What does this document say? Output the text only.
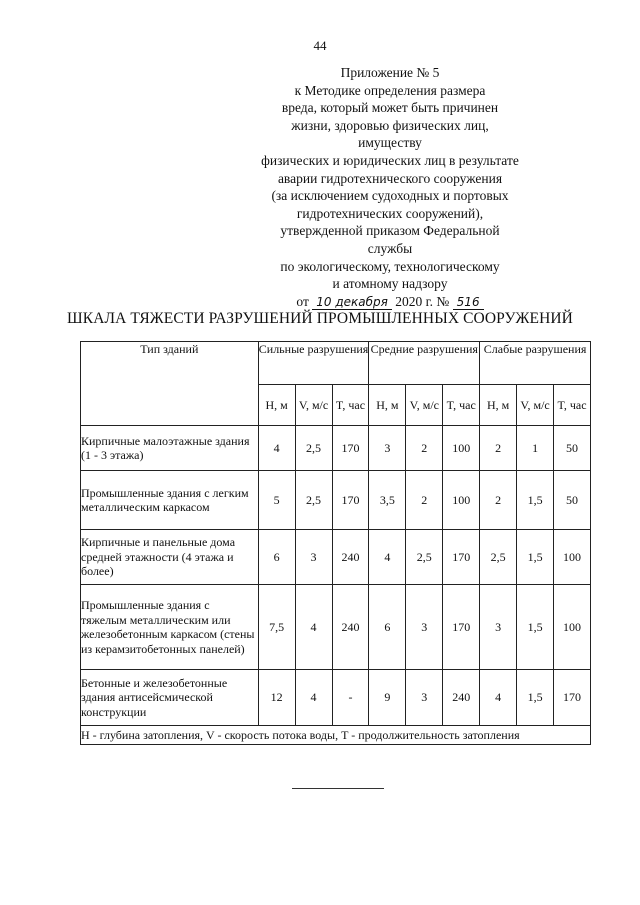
44
Приложение № 5
к Методике определения размера
вреда, который может быть причинен
жизни, здоровью физических лиц, имуществу
физических и юридических лиц в результате
аварии гидротехнического сооружения
(за исключением судоходных и портовых
гидротехнических сооружений),
утвержденной приказом Федеральной службы
по экологическому, технологическому
и атомному надзору
от 10 декабря 2020 г. № 516
ШКАЛА ТЯЖЕСТИ РАЗРУШЕНИЙ ПРОМЫШЛЕННЫХ СООРУЖЕНИЙ
Тип зданий	Сильные разрушения			Средние разрушения			Слабые разрушения		
	H, м	V, м/с	T, час	H, м	V, м/с	T, час	H, м	V, м/с	T, час
Кирпичные малоэтажные здания (1 - 3 этажа)	4	2,5	170	3	2	100	2	1	50
Промышленные здания с легким металлическим каркасом	5	2,5	170	3,5	2	100	2	1,5	50
Кирпичные и панельные дома средней этажности (4 этажа и более)	6	3	240	4	2,5	170	2,5	1,5	100
Промышленные здания с тяжелым металлическим или железобетонным каркасом (стены из керамзитобетонных панелей)	7,5	4	240	6	3	170	3	1,5	100
Бетонные и железобетонные здания антисейсмической конструкции	12	4	-	9	3	240	4	1,5	170
H - глубина затопления, V - скорость потока воды, T - продолжительность затопления									
